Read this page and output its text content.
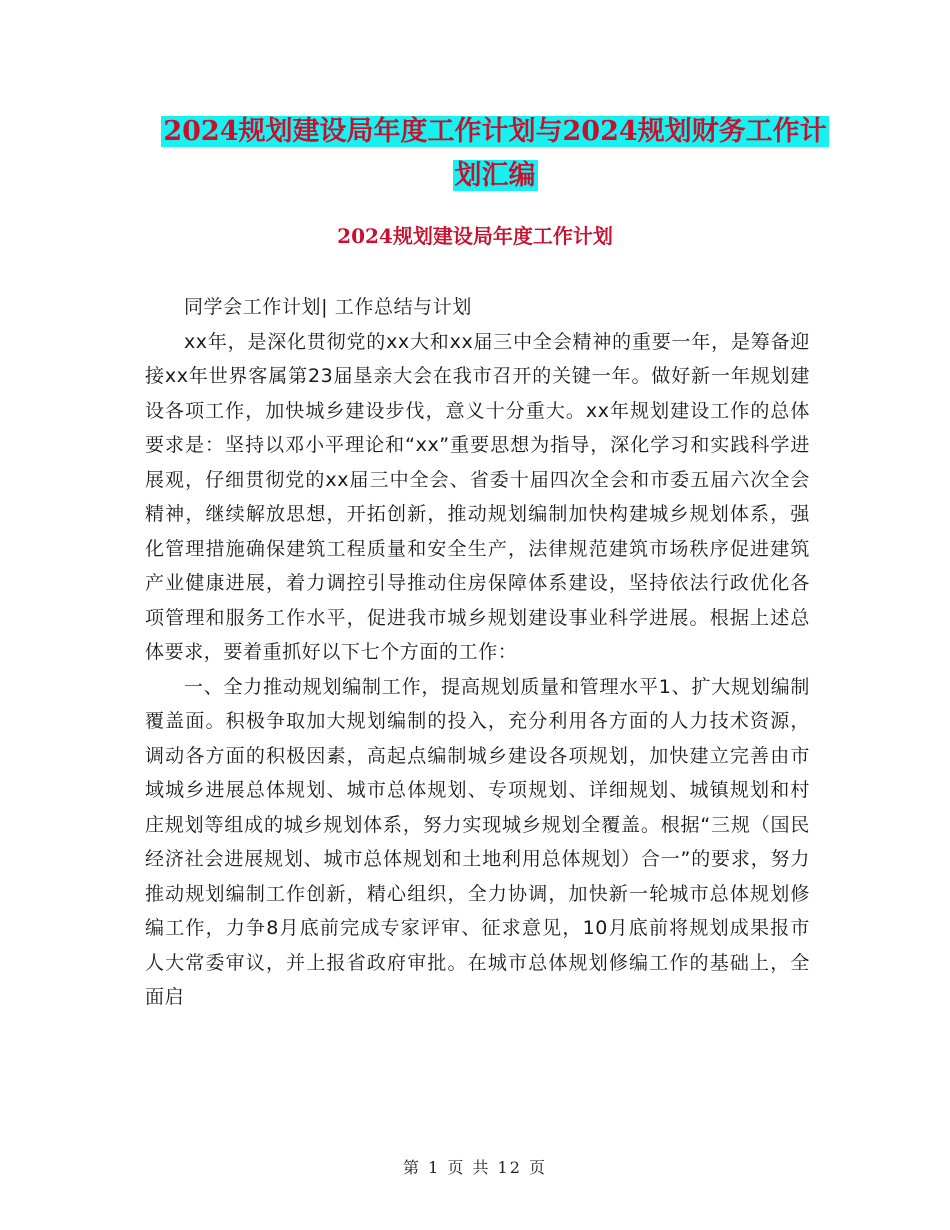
2024规划建设局年度工作计划与2024规划财务工作计
划汇编
2024规划建设局年度工作计划

同学会工作计划| 工作总结与计划

xx年，是深化贯彻党的xx大和xx届三中全会精神的重要一年，是筹备迎接xx年世界客属第23届垦亲大会在我市召开的关键一年。做好新一年规划建设各项工作，加快城乡建设步伐，意义十分重大。xx年规划建设工作的总体要求是：坚持以邓小平理论和“xx”重要思想为指导，深化学习和实践科学进展观，仔细贯彻党的xx届三中全会、省委十届四次全会和市委五届六次全会精神，继续解放思想，开拓创新，推动规划编制加快构建城乡规划体系，强化管理措施确保建筑工程质量和安全生产，法律规范建筑市场秩序促进建筑产业健康进展，着力调控引导推动住房保障体系建设，坚持依法行政优化各项管理和服务工作水平，促进我市城乡规划建设事业科学进展。根据上述总体要求，要着重抓好以下七个方面的工作：

一、全力推动规划编制工作，提高规划质量和管理水平1、扩大规划编制覆盖面。积极争取加大规划编制的投入，充分利用各方面的人力技术资源，调动各方面的积极因素，高起点编制城乡建设各项规划，加快建立完善由市域城乡进展总体规划、城市总体规划、专项规划、详细规划、城镇规划和村庄规划等组成的城乡规划体系，努力实现城乡规划全覆盖。根据“三规（国民经济社会进展规划、城市总体规划和土地利用总体规划）合一”的要求，努力推动规划编制工作创新，精心组织，全力协调，加快新一轮城市总体规划修编工作，力争8月底前完成专家评审、征求意见，10月底前将规划成果报市人大常委审议，并上报省政府审批。在城市总体规划修编工作的基础上，全面启

第 1 页 共 12 页
